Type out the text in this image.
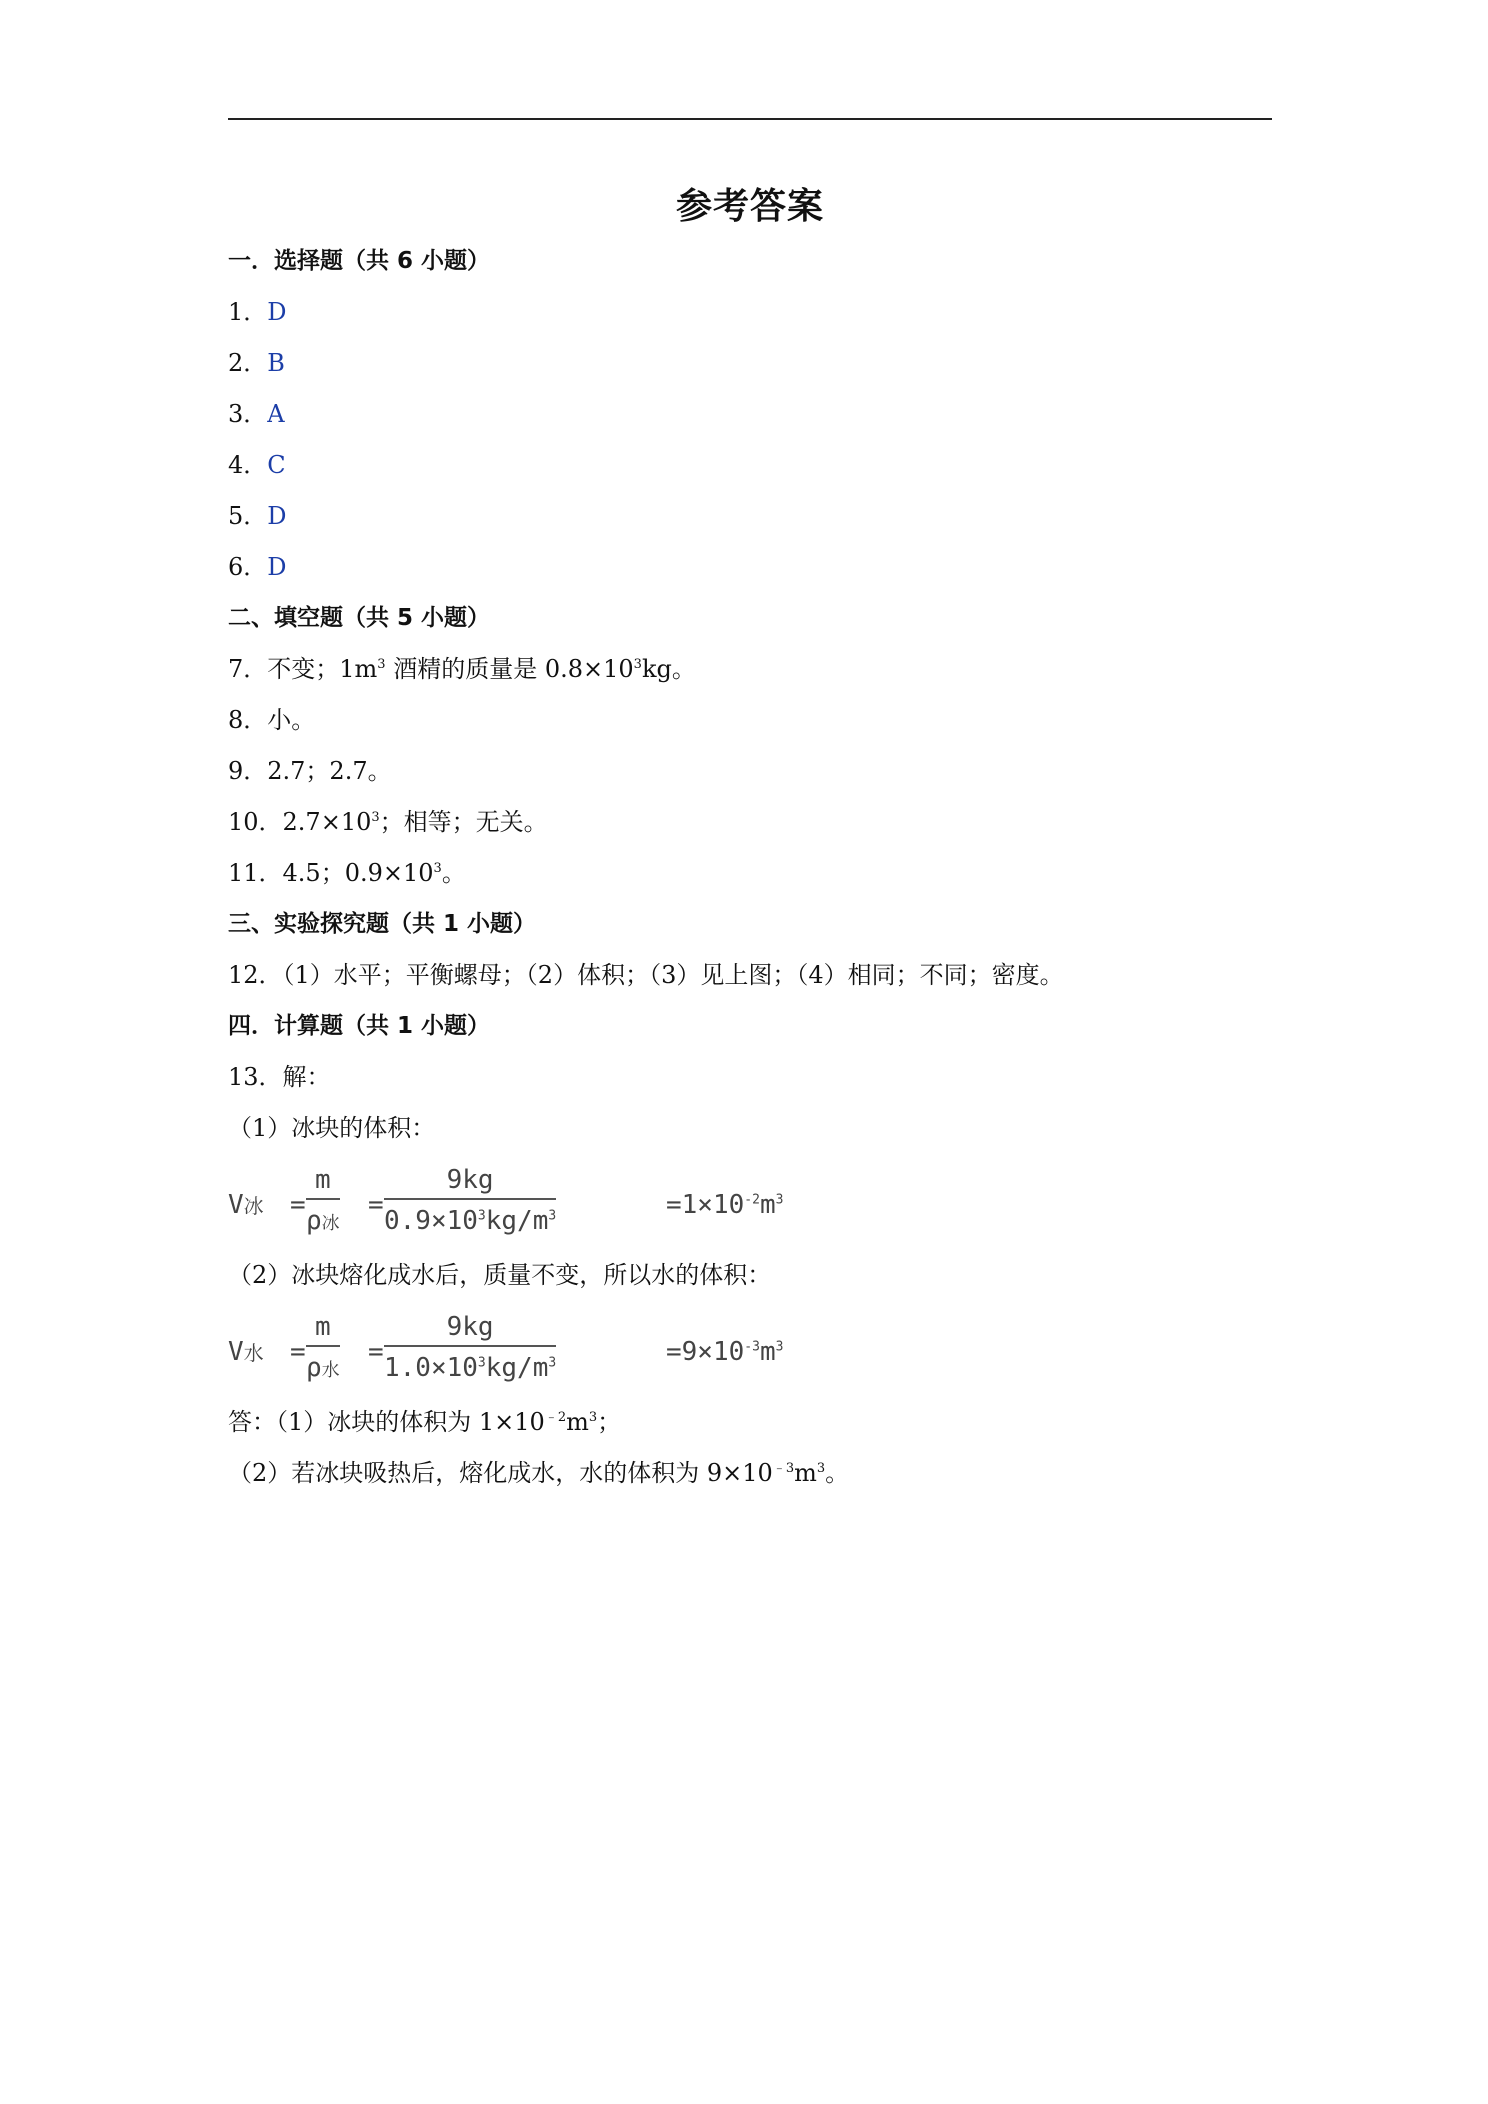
参考答案
一．选择题（共 6 小题）
1．D
2．B
3．A
4．C
5．D
6．D
二、填空题（共 5 小题）
7．不变；$1m^3$ 酒精的质量是 $0.8\times 10^3kg$。
8．小。
9．2.7；2.7。
10．$2.7\times 10^3$；相等；无关。
11．4.5；$0.9\times 10^3$。
三、实验探究题（共 1 小题）
12．（1）水平；平衡螺母；（2）体积；（3）见上图；（4）相同；不同；密度。
四．计算题（共 1 小题）
13．解：
（1）冰块的体积：
V冰 =
m
ρ冰
= $\frac{9kg}{0.9\times 10^3kg/m^3}$	$=1\times 10^{-2}m^3$
（2）冰块熔化成水后，质量不变，所以水的体积：
V水 =
m
ρ水
= $\frac{9kg}{1.0\times 10^3kg/m^3}$	$=9\times 10^{-3}m^3$
答：（1）冰块的体积为 $1\times 10^{﹣2}m^3$；
（2）若冰块吸热后，熔化成水，水的体积为 $9\times 10^{﹣3}m^3$。
